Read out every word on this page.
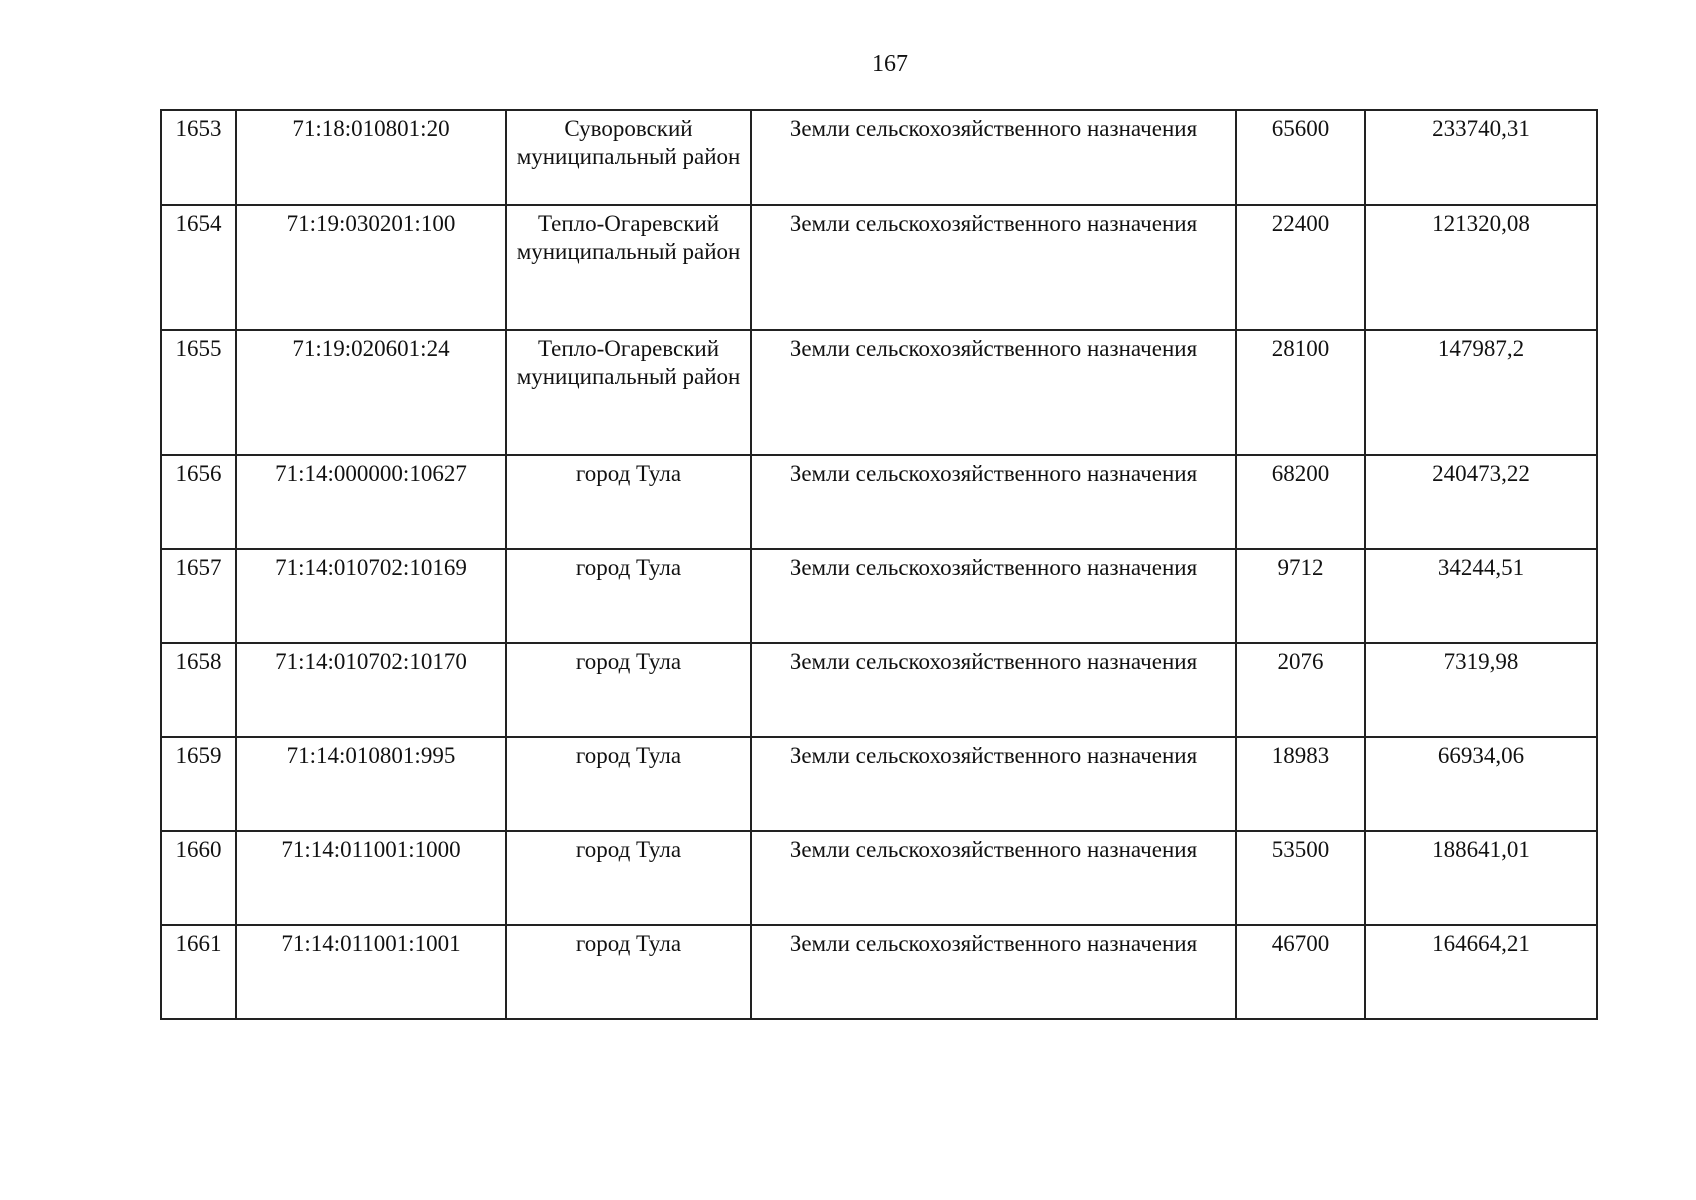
167
1653	71:18:010801:20	Суворовский муниципальный район	Земли сельскохозяйственного назначения	65600	233740,31
1654	71:19:030201:100	Тепло-Огаревский муниципальный район	Земли сельскохозяйственного назначения	22400	121320,08
1655	71:19:020601:24	Тепло-Огаревский муниципальный район	Земли сельскохозяйственного назначения	28100	147987,2
1656	71:14:000000:10627	город Тула	Земли сельскохозяйственного назначения	68200	240473,22
1657	71:14:010702:10169	город Тула	Земли сельскохозяйственного назначения	9712	34244,51
1658	71:14:010702:10170	город Тула	Земли сельскохозяйственного назначения	2076	7319,98
1659	71:14:010801:995	город Тула	Земли сельскохозяйственного назначения	18983	66934,06
1660	71:14:011001:1000	город Тула	Земли сельскохозяйственного назначения	53500	188641,01
1661	71:14:011001:1001	город Тула	Земли сельскохозяйственного назначения	46700	164664,21
